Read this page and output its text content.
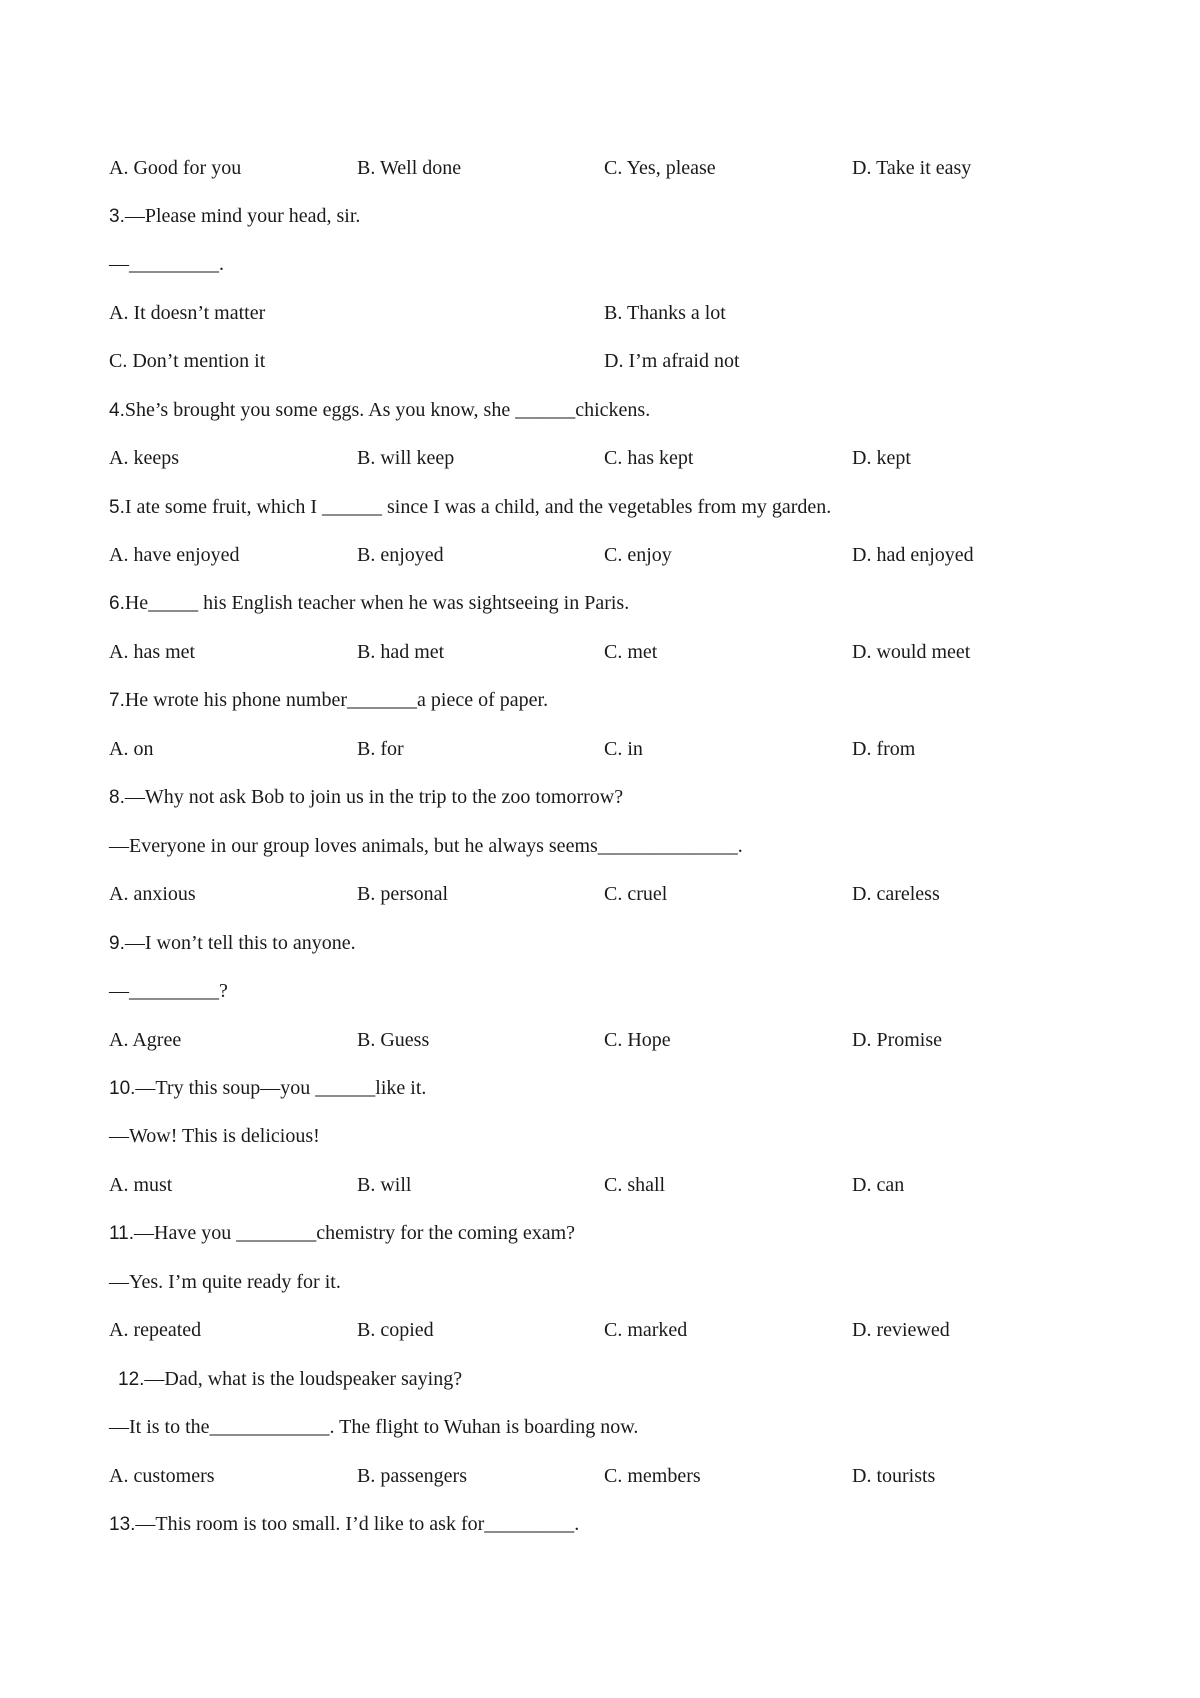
A. Good for you	B. Well done	C. Yes, please	D. Take it easy
3.—Please mind your head, sir.
—_________.
A. It doesn’t matter	B. Thanks a lot
C. Don’t mention it	D. I’m afraid not
4.She’s brought you some eggs. As you know, she ______chickens.
A. keeps	B. will keep	C. has kept	D. kept
5.I ate some fruit, which I ______ since I was a child, and the vegetables from my garden.
A. have enjoyed	B. enjoyed	C. enjoy	D. had enjoyed
6.He_____ his English teacher when he was sightseeing in Paris.
A. has met	B. had met	C. met	D. would meet
7.He wrote his phone number_______a piece of paper.
A. on	B. for	C. in	D. from
8.—Why not ask Bob to join us in the trip to the zoo tomorrow?
—Everyone in our group loves animals, but he always seems______________.
A. anxious	B. personal	C. cruel	D. careless
9.—I won’t tell this to anyone.
—_________?
A. Agree	B. Guess	C. Hope	D. Promise
10.—Try this soup—you ______like it.
—Wow! This is delicious!
A. must	B. will	C. shall	D. can
11.—Have you ________chemistry for the coming exam?
—Yes. I’m quite ready for it.
A. repeated	B. copied	C. marked	D. reviewed
12.—Dad, what is the loudspeaker saying?
—It is to the____________. The flight to Wuhan is boarding now.
A. customers	B. passengers	C. members	D. tourists
13.—This room is too small. I’d like to ask for_________.
